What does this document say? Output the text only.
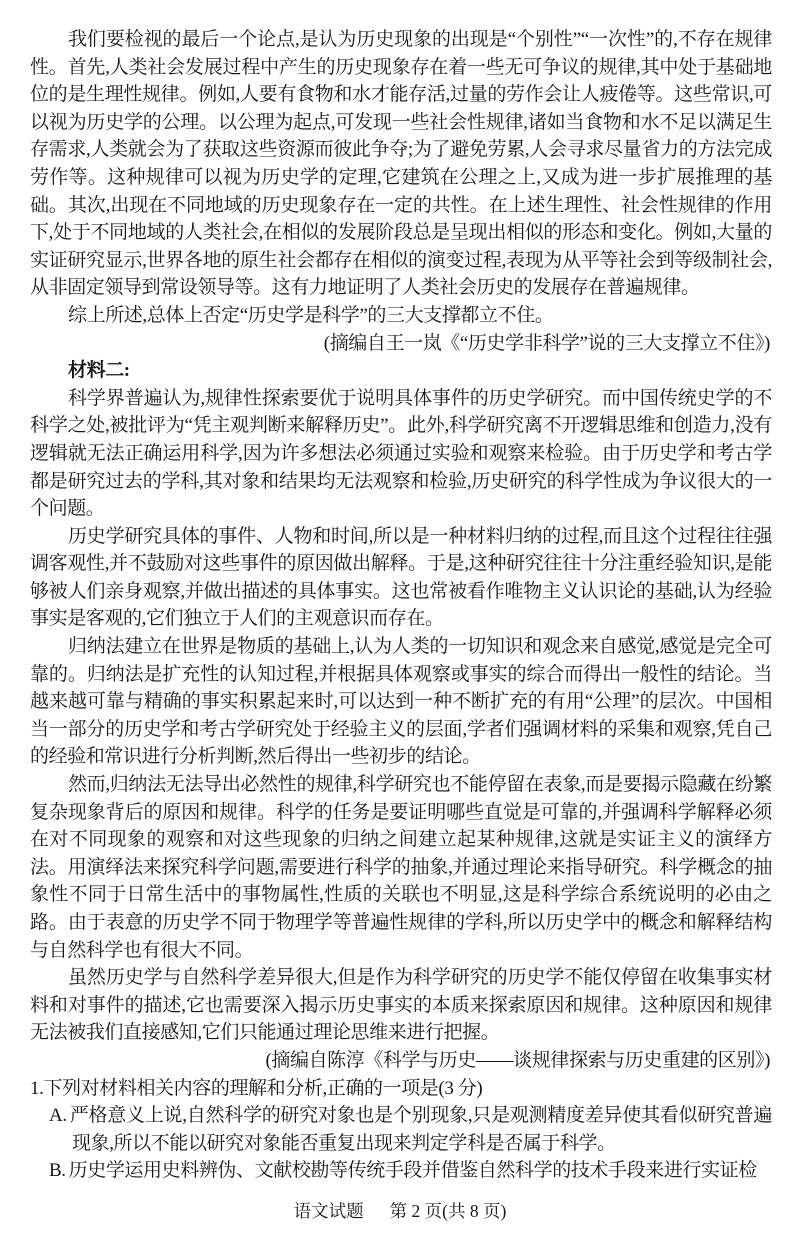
我们要检视的最后一个论点,是认为历史现象的出现是“个别性”“一次性”的,不存在规律性。首先,人类社会发展过程中产生的历史现象存在着一些无可争议的规律,其中处于基础地位的是生理性规律。例如,人要有食物和水才能存活,过量的劳作会让人疲倦等。这些常识,可以视为历史学的公理。以公理为起点,可发现一些社会性规律,诸如当食物和水不足以满足生存需求,人类就会为了获取这些资源而彼此争夺;为了避免劳累,人会寻求尽量省力的方法完成劳作等。这种规律可以视为历史学的定理,它建筑在公理之上,又成为进一步扩展推理的基础。其次,出现在不同地域的历史现象存在一定的共性。在上述生理性、社会性规律的作用下,处于不同地域的人类社会,在相似的发展阶段总是呈现出相似的形态和变化。例如,大量的实证研究显示,世界各地的原生社会都存在相似的演变过程,表现为从平等社会到等级制社会,从非固定领导到常设领导等。这有力地证明了人类社会历史的发展存在普遍规律。

综上所述,总体上否定“历史学是科学”的三大支撑都立不住。

(摘编自王一岚《“历史学非科学”说的三大支撑立不住》)

材料二:

科学界普遍认为,规律性探索要优于说明具体事件的历史学研究。而中国传统史学的不科学之处,被批评为“凭主观判断来解释历史”。此外,科学研究离不开逻辑思维和创造力,没有逻辑就无法正确运用科学,因为许多想法必须通过实验和观察来检验。由于历史学和考古学都是研究过去的学科,其对象和结果均无法观察和检验,历史研究的科学性成为争议很大的一个问题。

历史学研究具体的事件、人物和时间,所以是一种材料归纳的过程,而且这个过程往往强调客观性,并不鼓励对这些事件的原因做出解释。于是,这种研究往往十分注重经验知识,是能够被人们亲身观察,并做出描述的具体事实。这也常被看作唯物主义认识论的基础,认为经验事实是客观的,它们独立于人们的主观意识而存在。

归纳法建立在世界是物质的基础上,认为人类的一切知识和观念来自感觉,感觉是完全可靠的。归纳法是扩充性的认知过程,并根据具体观察或事实的综合而得出一般性的结论。当越来越可靠与精确的事实积累起来时,可以达到一种不断扩充的有用“公理”的层次。中国相当一部分的历史学和考古学研究处于经验主义的层面,学者们强调材料的采集和观察,凭自己的经验和常识进行分析判断,然后得出一些初步的结论。

然而,归纳法无法导出必然性的规律,科学研究也不能停留在表象,而是要揭示隐藏在纷繁复杂现象背后的原因和规律。科学的任务是要证明哪些直觉是可靠的,并强调科学解释必须在对不同现象的观察和对这些现象的归纳之间建立起某种规律,这就是实证主义的演绎方法。用演绎法来探究科学问题,需要进行科学的抽象,并通过理论来指导研究。科学概念的抽象性不同于日常生活中的事物属性,性质的关联也不明显,这是科学综合系统说明的必由之路。由于表意的历史学不同于物理学等普遍性规律的学科,所以历史学中的概念和解释结构与自然科学也有很大不同。

虽然历史学与自然科学差异很大,但是作为科学研究的历史学不能仅停留在收集事实材料和对事件的描述,它也需要深入揭示历史事实的本质来探索原因和规律。这种原因和规律无法被我们直接感知,它们只能通过理论思维来进行把握。

(摘编自陈淳《科学与历史——谈规律探索与历史重建的区别》)

1.下列对材料相关内容的理解和分析,正确的一项是(3 分)

A. 严格意义上说,自然科学的研究对象也是个别现象,只是观测精度差异使其看似研究普遍现象,所以不能以研究对象能否重复出现来判定学科是否属于科学。

B. 历史学运用史料辨伪、文献校勘等传统手段并借鉴自然科学的技术手段来进行实证检

语文试题 第 2 页(共 8 页)
